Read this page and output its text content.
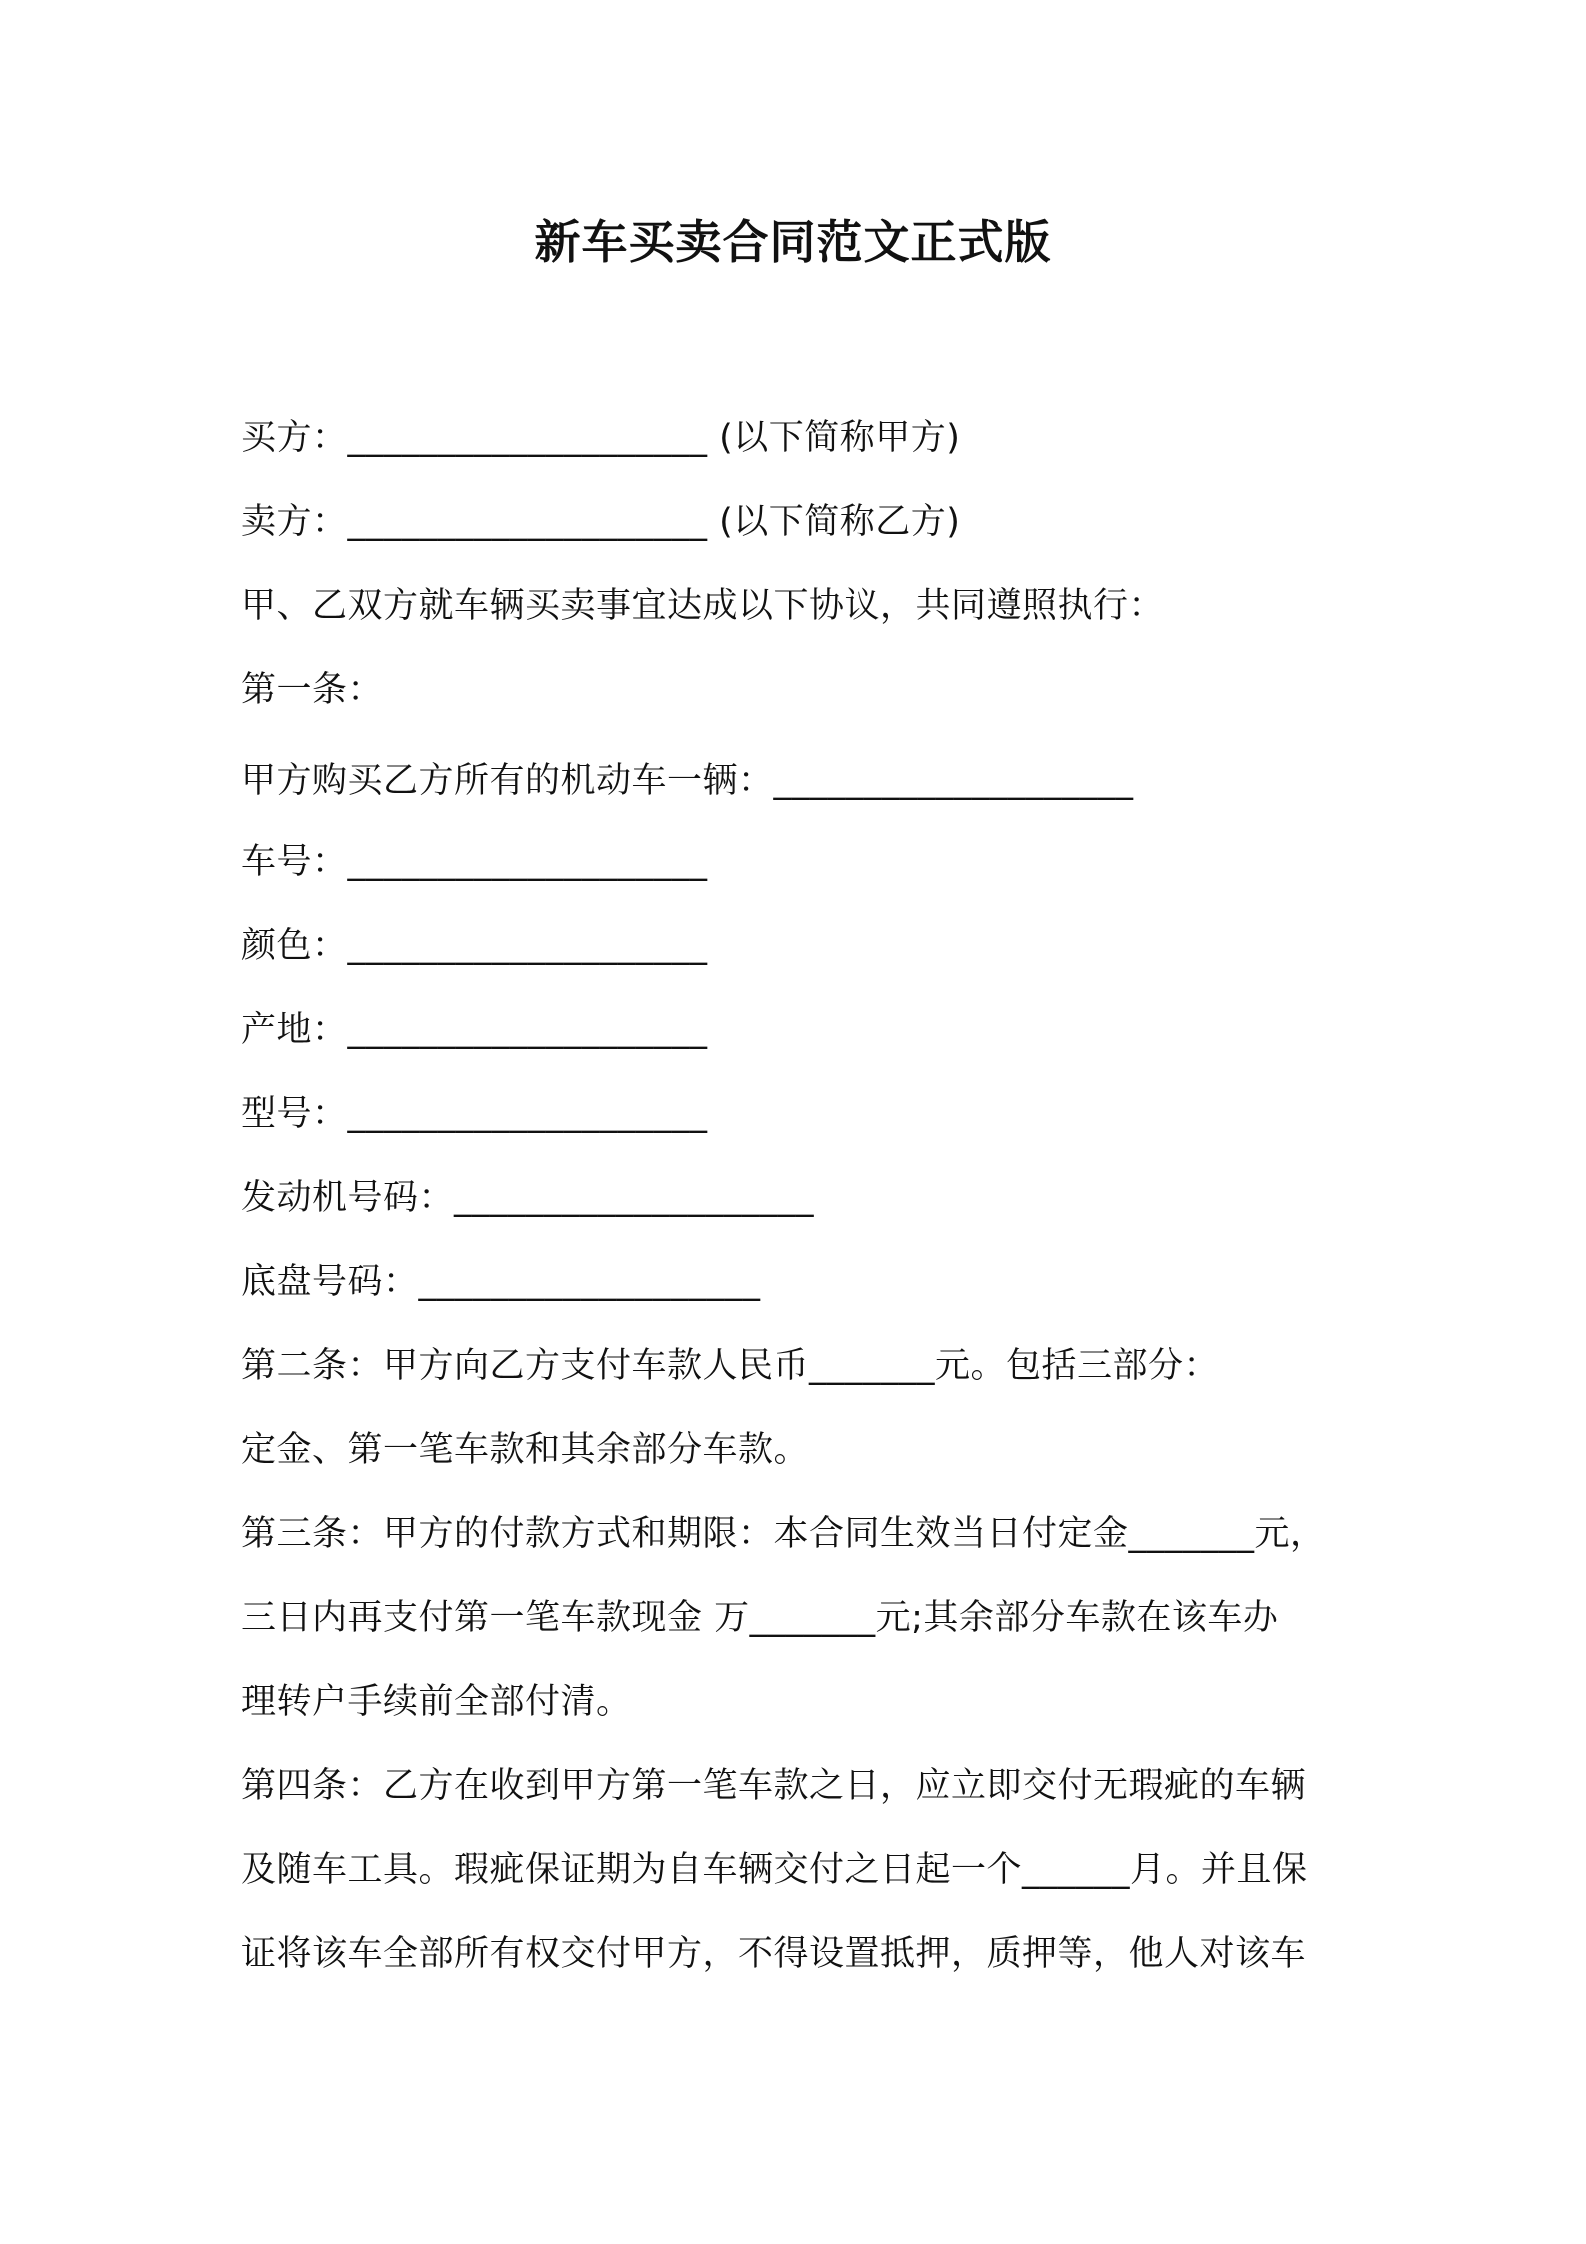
新车买卖合同范文正式版
买方：____________________ (以下简称甲方)
卖方：____________________ (以下简称乙方)
甲、乙双方就车辆买卖事宜达成以下协议，共同遵照执行：
第一条：
甲方购买乙方所有的机动车一辆：____________________
车号：____________________
颜色：____________________
产地：____________________
型号：____________________
发动机号码：____________________
底盘号码：___________________
第二条：甲方向乙方支付车款人民币_______元。包括三部分：
定金、第一笔车款和其余部分车款。
第三条：甲方的付款方式和期限：本合同生效当日付定金_______元，
三日内再支付第一笔车款现金 万_______元;其余部分车款在该车办
理转户手续前全部付清。
第四条：乙方在收到甲方第一笔车款之日，应立即交付无瑕疵的车辆
及随车工具。瑕疵保证期为自车辆交付之日起一个______月。并且保
证将该车全部所有权交付甲方，不得设置抵押，质押等，他人对该车
